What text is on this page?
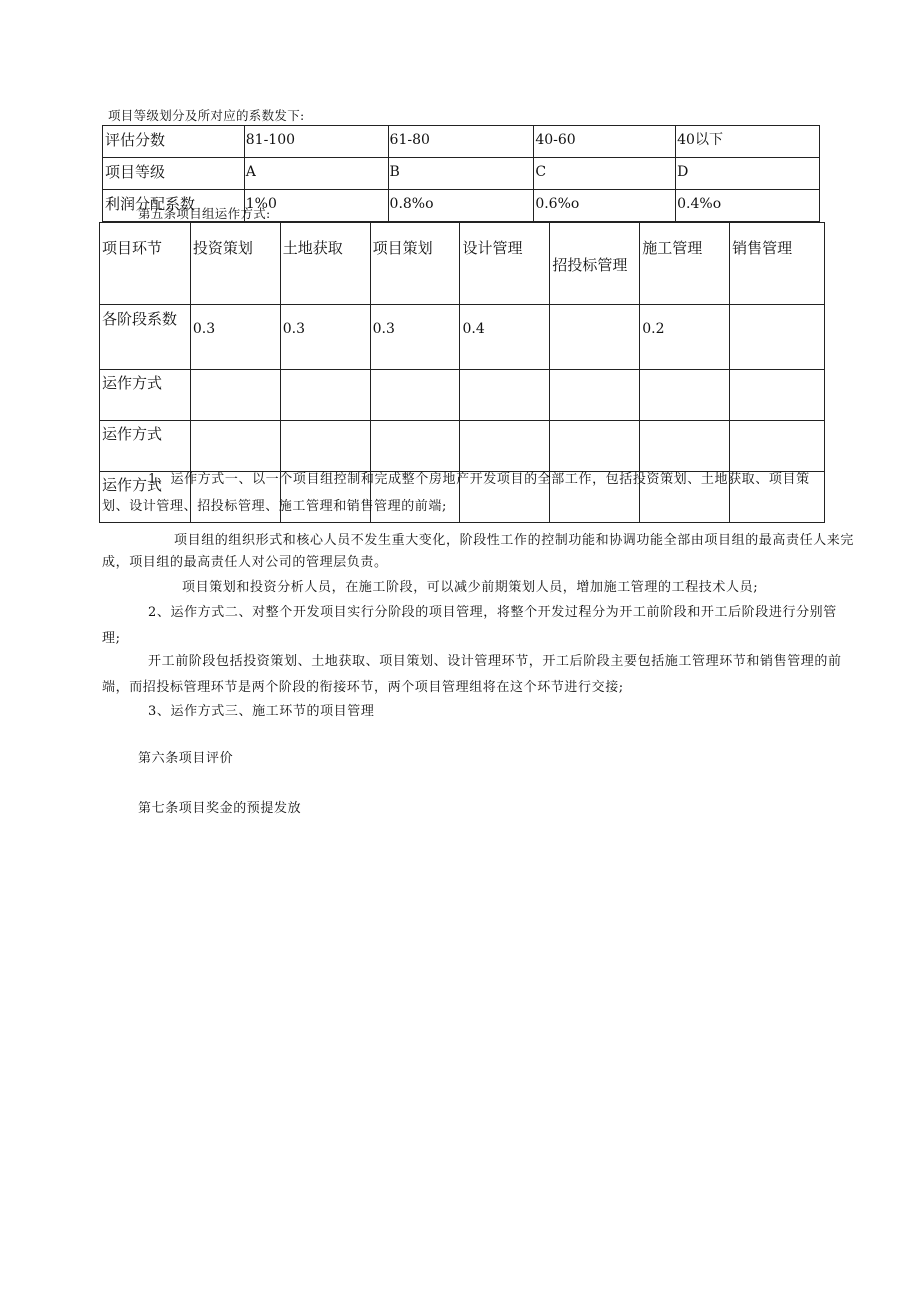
项目等级划分及所对应的系数发下:
评估分数	81-100	61-80	40-60	40以下
项目等级	A	B	C	D
利润分配系数	1%0	0.8%o	0.6%o	0.4%o
第五条项目组运作方式:
项目环节	投资策划	土地获取	项目策划	设计管理	招投标管理	施工管理	销售管理
各阶段系数	0.3	0.3	0.3	0.4		0.2	
运作方式							
运作方式							
运作方式							
1、运作方式一、以一个项目组控制和完成整个房地产开发项目的全部工作，包括投资策划、土地获取、项目策
划、设计管理、招投标管理、施工管理和销售管理的前端;
项目组的组织形式和核心人员不发生重大变化，阶段性工作的控制功能和协调功能全部由项目组的最高责任人来完
成，项目组的最高责任人对公司的管理层负责。
项目策划和投资分析人员，在施工阶段，可以减少前期策划人员，增加施工管理的工程技术人员;
2、运作方式二、对整个开发项目实行分阶段的项目管理，将整个开发过程分为开工前阶段和开工后阶段进行分别管
理;
开工前阶段包括投资策划、土地获取、项目策划、设计管理环节，开工后阶段主要包括施工管理环节和销售管理的前
端，而招投标管理环节是两个阶段的衔接环节，两个项目管理组将在这个环节进行交接;
3、运作方式三、施工环节的项目管理
第六条项目评价
第七条项目奖金的预提发放
